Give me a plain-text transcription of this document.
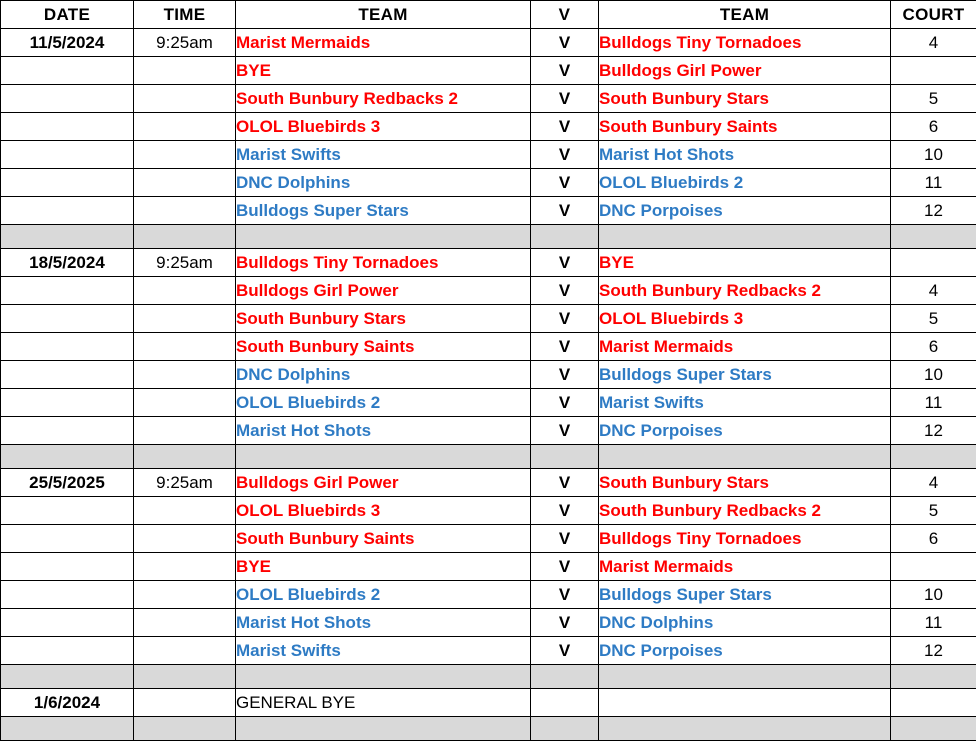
DATE	TIME	TEAM	V	TEAM	COURT
11/5/2024	9:25am	Marist Mermaids	V	Bulldogs Tiny Tornadoes	4
		BYE	V	Bulldogs Girl Power	
		South Bunbury Redbacks 2	V	South Bunbury Stars	5
		OLOL Bluebirds 3	V	South Bunbury Saints	6
		Marist Swifts	V	Marist Hot Shots	10
		DNC Dolphins	V	OLOL Bluebirds 2	11
		Bulldogs Super Stars	V	DNC Porpoises	12

18/5/2024	9:25am	Bulldogs Tiny Tornadoes	V	BYE	
		Bulldogs Girl Power	V	South Bunbury Redbacks 2	4
		South Bunbury Stars	V	OLOL Bluebirds 3	5
		South Bunbury Saints	V	Marist Mermaids	6
		DNC Dolphins	V	Bulldogs Super Stars	10
		OLOL Bluebirds 2	V	Marist Swifts	11
		Marist Hot Shots	V	DNC Porpoises	12

25/5/2025	9:25am	Bulldogs Girl Power	V	South Bunbury Stars	4
		OLOL Bluebirds 3	V	South Bunbury Redbacks 2	5
		South Bunbury Saints	V	Bulldogs Tiny Tornadoes	6
		BYE	V	Marist Mermaids	
		OLOL Bluebirds 2	V	Bulldogs Super Stars	10
		Marist Hot Shots	V	DNC Dolphins	11
		Marist Swifts	V	DNC Porpoises	12

1/6/2024		GENERAL BYE			
